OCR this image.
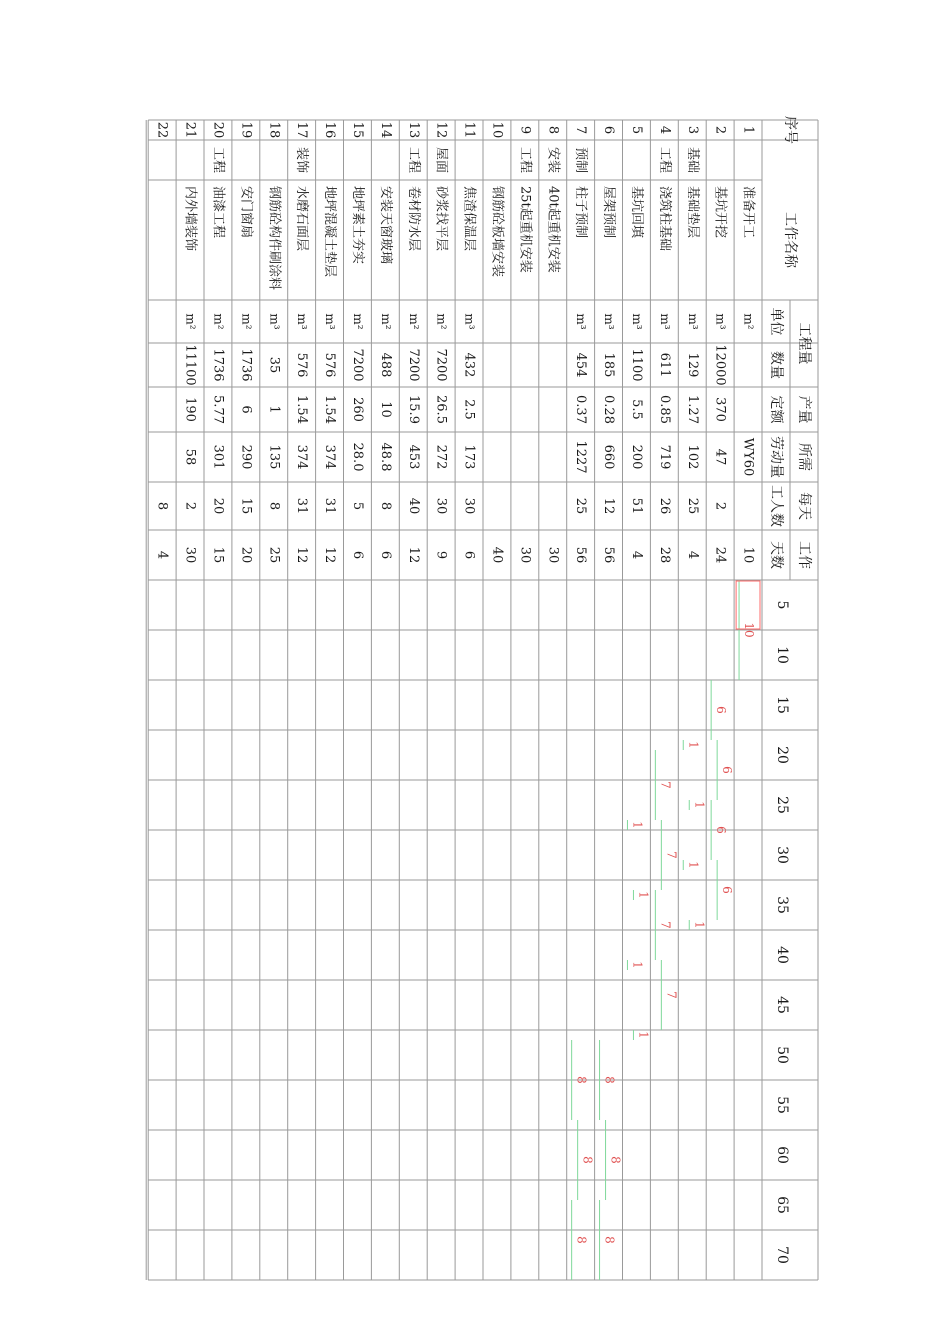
序号
工作名称
工程量
单位
数量
产量
定额
所需
劳动量
每天
工人数
工作
天数
5
10
15
20
25
30
35
40
45
50
55
60
65
70
基础
工程
预制
安装
工程
屋面
工程
装饰
工程
1
准备开工
m²
WY60
10
2
基坑开挖
m³
12000
370
47
2
24
3
基础垫层
m³
129
1.27
102
25
4
4
浇筑柱基础
m³
611
0.85
719
26
28
5
基坑回填
m³
1100
5.5
200
51
4
6
屋架预制
m³
185
0.28
660
12
56
7
柱子预制
m³
454
0.37
1227
25
56
8
40t起重机安装
30
9
25t起重机安装
30
10
钢筋砼板墙安装
40
11
焦渣保温层
m³
432
2.5
173
30
6
12
砂浆找平层
m²
7200
26.5
272
30
9
13
卷材防水层
m²
7200
15.9
453
40
12
14
安装天窗玻璃
m²
488
10
48.8
8
6
15
地坪素土夯实
m²
7200
260
28.0
5
6
16
地坪混凝土垫层
m³
576
1.54
374
31
12
17
水磨石面层
m³
576
1.54
374
31
12
18
钢筋砼构件刷涂料
m³
35
1
135
8
25
19
安门窗扇
m²
1736
6
290
15
20
20
油漆工程
m²
1736
5.77
301
20
15
21
内外墙装饰
m²
11100
190
58
2
30
22
8
4
10
6
6
6
6
1
1
1
1
7
7
7
7
1
1
1
1
8
8
8
8
8
8
